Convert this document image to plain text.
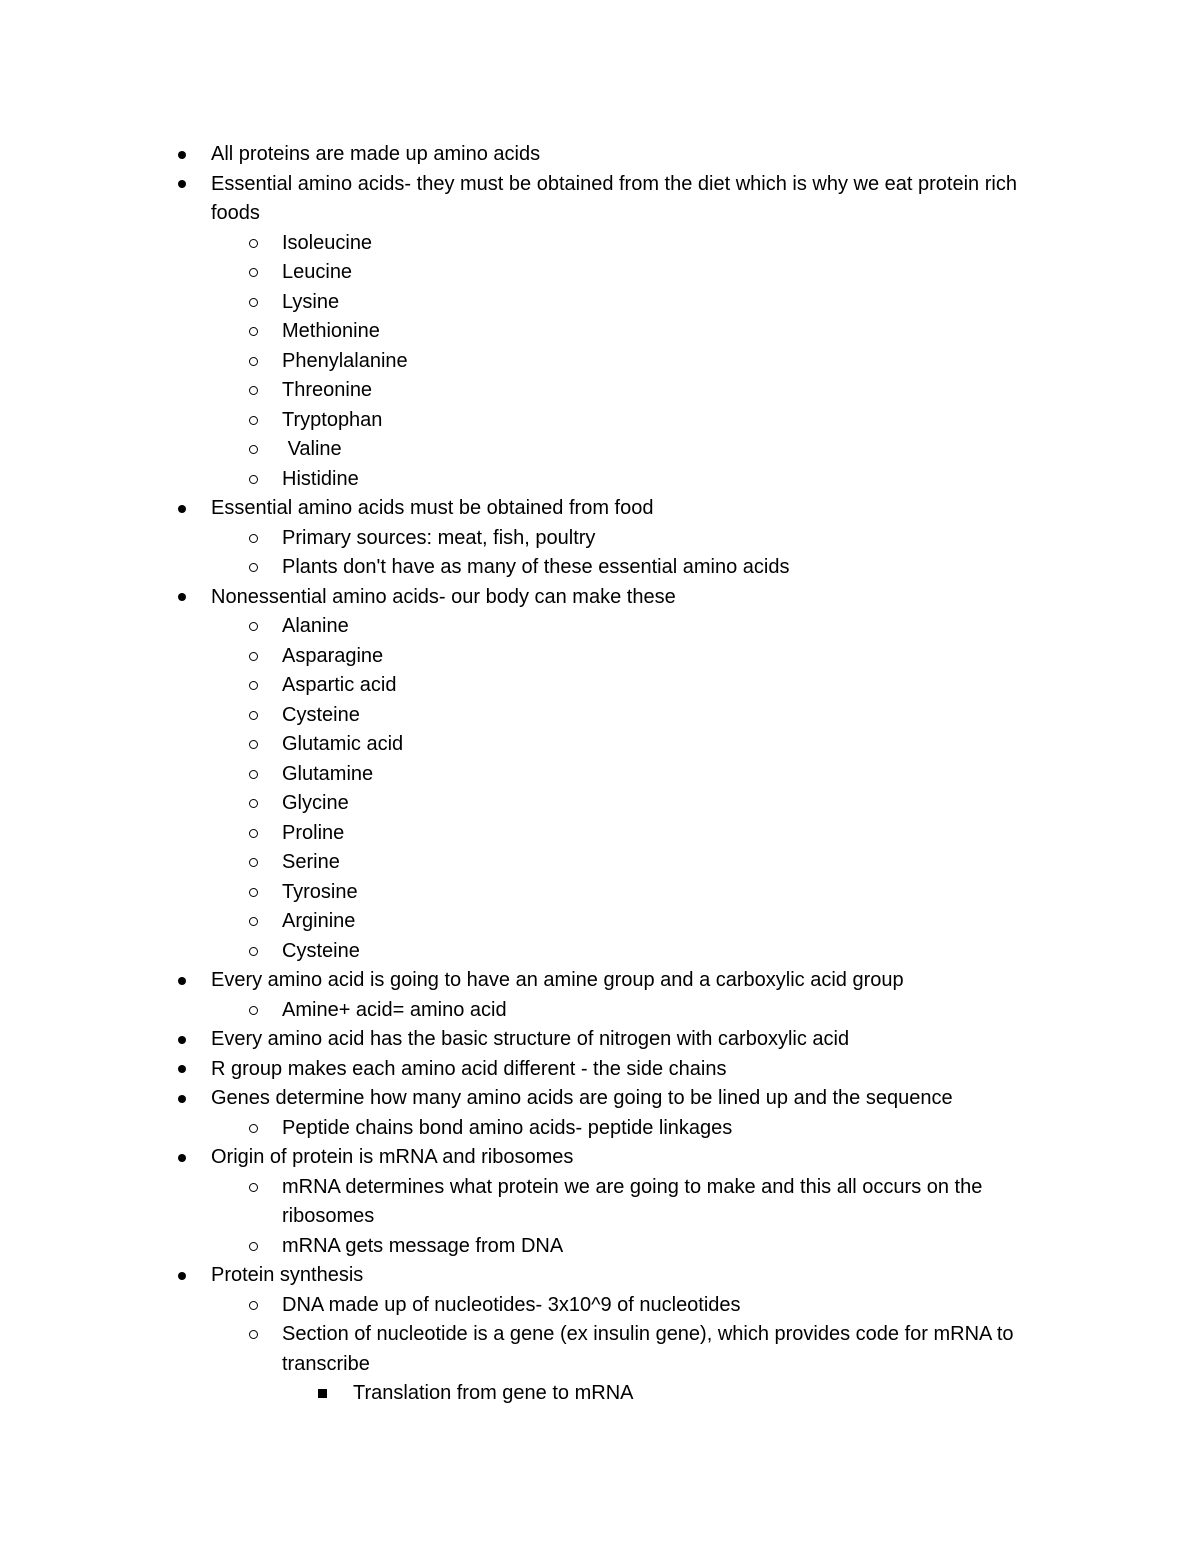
All proteins are made up amino acids
Essential amino acids- they must be obtained from the diet which is why we eat protein rich foods
Isoleucine
Leucine
Lysine
Methionine
Phenylalanine
Threonine
Tryptophan
Valine
Histidine
Essential amino acids must be obtained from food
Primary sources: meat, fish, poultry
Plants don't have as many of these essential amino acids
Nonessential amino acids- our body can make these
Alanine
Asparagine
Aspartic acid
Cysteine
Glutamic acid
Glutamine
Glycine
Proline
Serine
Tyrosine
Arginine
Cysteine
Every amino acid is going to have an amine group and a carboxylic acid group
Amine+ acid= amino acid
Every amino acid has the basic structure of nitrogen with carboxylic acid
R group makes each amino acid different - the side chains
Genes determine how many amino acids are going to be lined up and the sequence
Peptide chains bond amino acids- peptide linkages
Origin of protein is mRNA and ribosomes
mRNA determines what protein we are going to make and this all occurs on the ribosomes
mRNA gets message from DNA
Protein synthesis
DNA made up of nucleotides- 3x10^9 of nucleotides
Section of nucleotide is a gene (ex insulin gene), which provides code for mRNA to transcribe
Translation from gene to mRNA
